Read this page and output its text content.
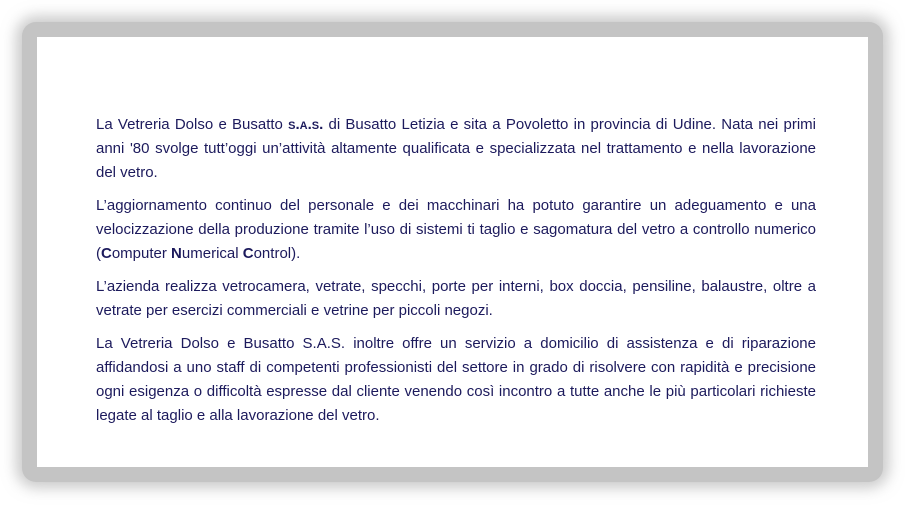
La Vetreria Dolso e Busatto s.a.s. di Busatto Letizia e sita a Povoletto in provincia di Udine. Nata nei primi anni '80 svolge tutt’oggi un’attività altamente qualificata e specializzata nel trattamento e nella lavorazione del vetro.

L’aggiornamento continuo del personale e dei macchinari ha potuto garantire un adeguamento e una velocizzazione della produzione tramite l’uso di sistemi ti taglio e sagomatura del vetro a controllo numerico (Computer Numerical Control).

L’azienda realizza vetrocamera, vetrate, specchi, porte per interni, box doccia, pensiline, balaustre, oltre a vetrate per esercizi commerciali e vetrine per piccoli negozi.

La Vetreria Dolso e Busatto S.A.S. inoltre offre un servizio a domicilio di assistenza e di riparazione affidandosi a uno staff di competenti professionisti del settore in grado di risolvere con rapidità e precisione ogni esigenza o difficoltà espresse dal cliente venendo così incontro a tutte anche le più particolari richieste legate al taglio e alla lavorazione del vetro.
